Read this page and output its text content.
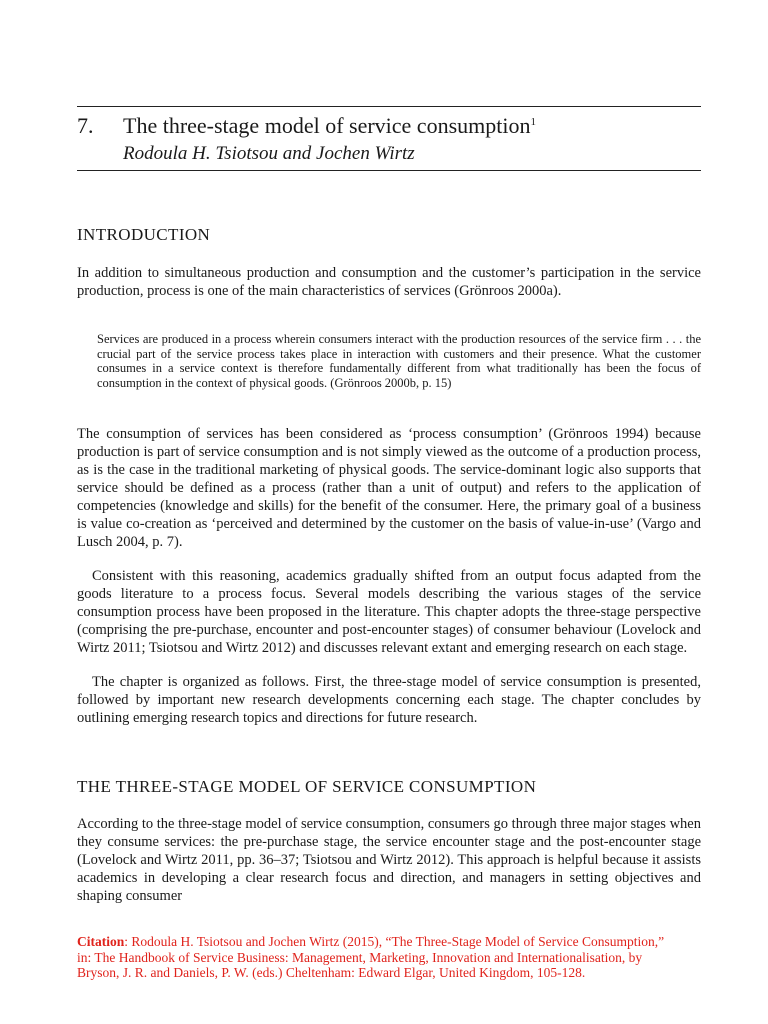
7. The three-stage model of service consumption$^1$
Rodoula H. Tsiotsou and Jochen Wirtz
INTRODUCTION

In addition to simultaneous production and consumption and the customer’s participation in the service production, process is one of the main characteristics of services (Grönroos 2000a).

Services are produced in a process wherein consumers interact with the production resources of the service firm . . . the crucial part of the service process takes place in interaction with customers and their presence. What the customer consumes in a service context is therefore fundamentally different from what traditionally has been the focus of consumption in the context of physical goods. (Grönroos 2000b, p. 15)

The consumption of services has been considered as ‘process consumption’ (Grönroos 1994) because production is part of service consumption and is not simply viewed as the outcome of a production process, as is the case in the traditional marketing of physical goods. The service-dominant logic also supports that service should be defined as a process (rather than a unit of output) and refers to the application of competencies (knowledge and skills) for the benefit of the consumer. Here, the primary goal of a business is value co-creation as ‘perceived and determined by the customer on the basis of value-in-use’ (Vargo and Lusch 2004, p. 7).

Consistent with this reasoning, academics gradually shifted from an output focus adapted from the goods literature to a process focus. Several models describing the various stages of the service consumption process have been proposed in the literature. This chapter adopts the three-stage perspective (comprising the pre-purchase, encounter and post-encounter stages) of consumer behaviour (Lovelock and Wirtz 2011; Tsiotsou and Wirtz 2012) and discusses relevant extant and emerging research on each stage.

The chapter is organized as follows. First, the three-stage model of service consumption is presented, followed by important new research developments concerning each stage. The chapter concludes by outlining emerging research topics and directions for future research.

THE THREE-STAGE MODEL OF SERVICE CONSUMPTION

According to the three-stage model of service consumption, consumers go through three major stages when they consume services: the pre-purchase stage, the service encounter stage and the post-encounter stage (Lovelock and Wirtz 2011, pp. 36–37; Tsiotsou and Wirtz 2012). This approach is helpful because it assists academics in developing a clear research focus and direction, and managers in setting objectives and shaping consumer

Citation: Rodoula H. Tsiotsou and Jochen Wirtz (2015), “The Three-Stage Model of Service Consumption,” in: The Handbook of Service Business: Management, Marketing, Innovation and Internationalisation, by Bryson, J. R. and Daniels, P. W. (eds.) Cheltenham: Edward Elgar, United Kingdom, 105-128.
